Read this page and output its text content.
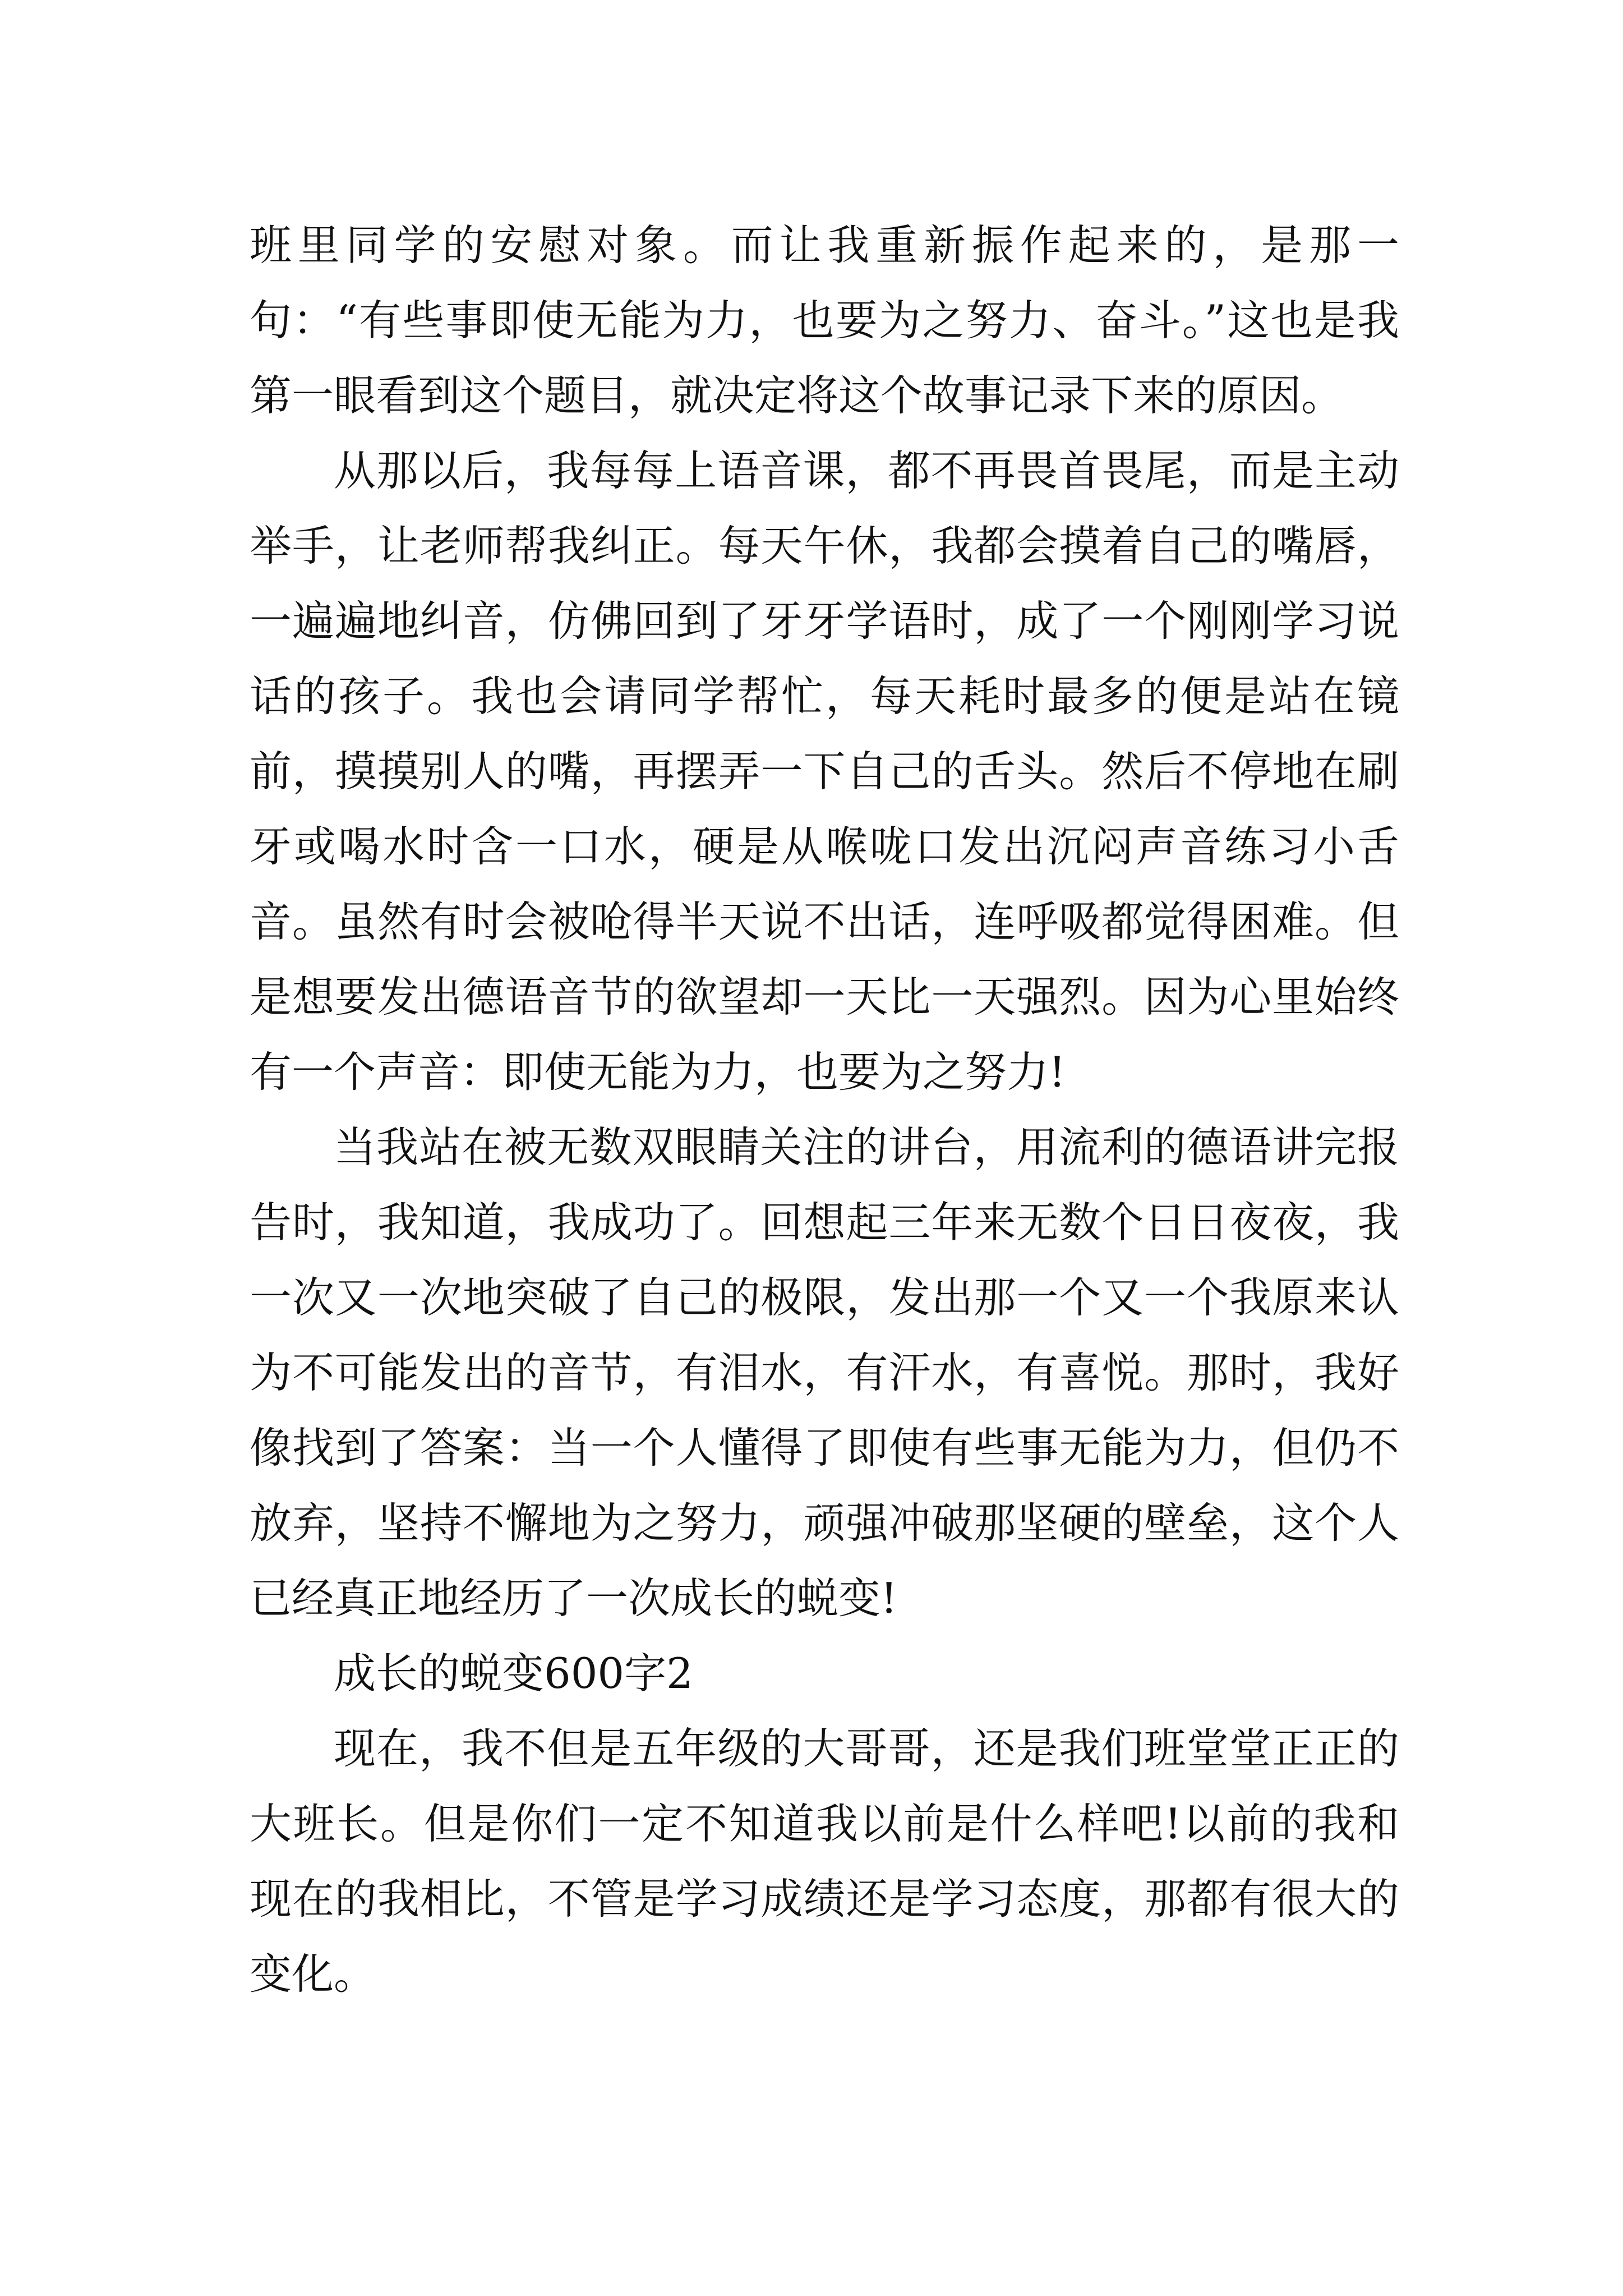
班里同学的安慰对象。而让我重新振作起来的，是那一句：“有些事即使无能为力，也要为之努力、奋斗。”这也是我第一眼看到这个题目，就决定将这个故事记录下来的原因。

从那以后，我每每上语音课，都不再畏首畏尾，而是主动举手，让老师帮我纠正。每天午休，我都会摸着自己的嘴唇，一遍遍地纠音，仿佛回到了牙牙学语时，成了一个刚刚学习说话的孩子。我也会请同学帮忙，每天耗时最多的便是站在镜前，摸摸别人的嘴，再摆弄一下自己的舌头。然后不停地在刷牙或喝水时含一口水，硬是从喉咙口发出沉闷声音练习小舌音。虽然有时会被呛得半天说不出话，连呼吸都觉得困难。但是想要发出德语音节的欲望却一天比一天强烈。因为心里始终有一个声音：即使无能为力，也要为之努力!

当我站在被无数双眼睛关注的讲台，用流利的德语讲完报告时，我知道，我成功了。回想起三年来无数个日日夜夜，我一次又一次地突破了自己的极限，发出那一个又一个我原来认为不可能发出的音节，有泪水，有汗水，有喜悦。那时，我好像找到了答案：当一个人懂得了即使有些事无能为力，但仍不放弃，坚持不懈地为之努力，顽强冲破那坚硬的壁垒，这个人已经真正地经历了一次成长的蜕变!

成长的蜕变600字2

现在，我不但是五年级的大哥哥，还是我们班堂堂正正的大班长。但是你们一定不知道我以前是什么样吧!以前的我和现在的我相比，不管是学习成绩还是学习态度，那都有很大的变化。
